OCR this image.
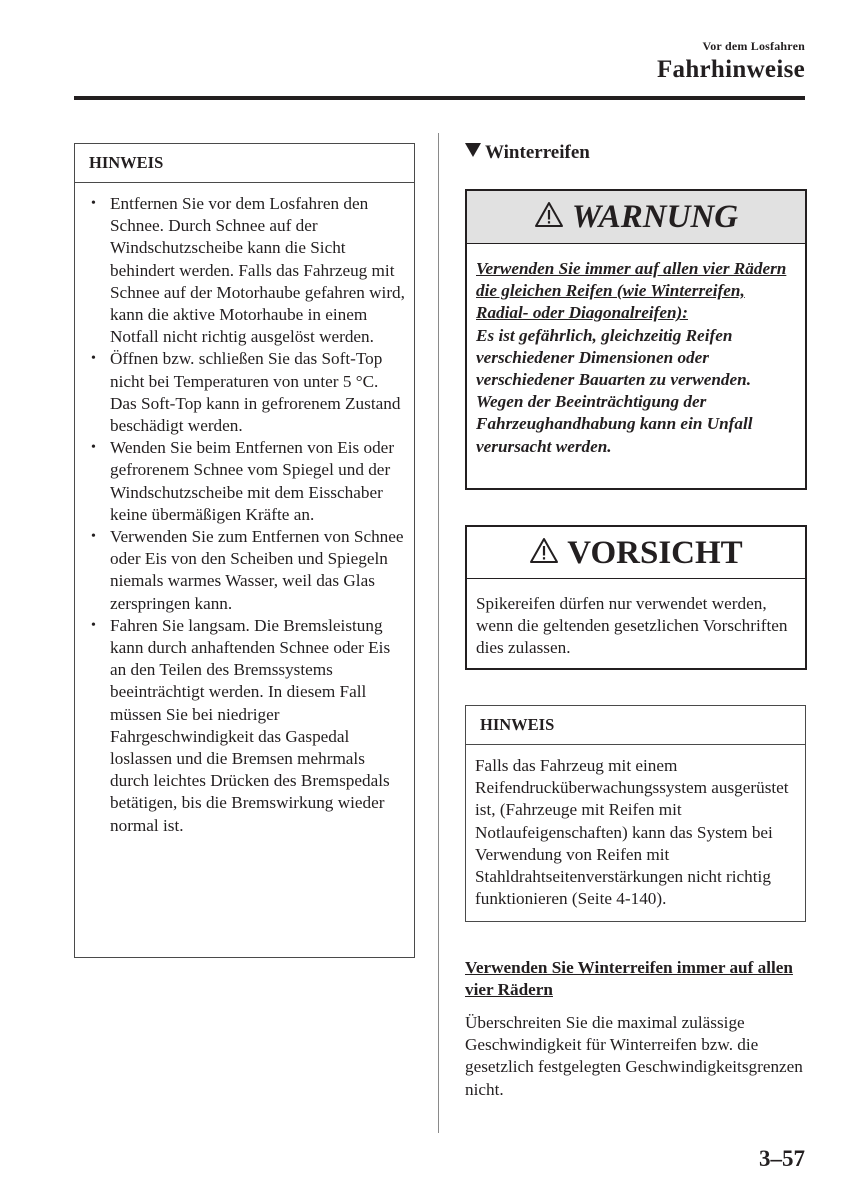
Vor dem Losfahren
Fahrhinweise
HINWEIS
• Entfernen Sie vor dem Losfahren den Schnee. Durch Schnee auf der Windschutzscheibe kann die Sicht behindert werden. Falls das Fahrzeug mit Schnee auf der Motorhaube gefahren wird, kann die aktive Motorhaube in einem Notfall nicht richtig ausgelöst werden.
• Öffnen bzw. schließen Sie das Soft-Top nicht bei Temperaturen von unter 5 °C. Das Soft-Top kann in gefrorenem Zustand beschädigt werden.
• Wenden Sie beim Entfernen von Eis oder gefrorenem Schnee vom Spiegel und der Windschutzscheibe mit dem Eisschaber keine übermäßigen Kräfte an.
• Verwenden Sie zum Entfernen von Schnee oder Eis von den Scheiben und Spiegeln niemals warmes Wasser, weil das Glas zerspringen kann.
• Fahren Sie langsam. Die Bremsleistung kann durch anhaftenden Schnee oder Eis an den Teilen des Bremssystems beeinträchtigt werden. In diesem Fall müssen Sie bei niedriger Fahrgeschwindigkeit das Gaspedal loslassen und die Bremsen mehrmals durch leichtes Drücken des Bremspedals betätigen, bis die Bremswirkung wieder normal ist.
Winterreifen
WARNUNG
Verwenden Sie immer auf allen vier Rädern die gleichen Reifen (wie Winterreifen, Radial- oder Diagonalreifen):
Es ist gefährlich, gleichzeitig Reifen verschiedener Dimensionen oder verschiedener Bauarten zu verwenden. Wegen der Beeinträchtigung der Fahrzeughandhabung kann ein Unfall verursacht werden.
VORSICHT
Spikereifen dürfen nur verwendet werden, wenn die geltenden gesetzlichen Vorschriften dies zulassen.
HINWEIS
Falls das Fahrzeug mit einem Reifendrucküberwachungssystem ausgerüstet ist, (Fahrzeuge mit Reifen mit Notlaufeigenschaften) kann das System bei Verwendung von Reifen mit Stahldrahtseitenverstärkungen nicht richtig funktionieren (Seite 4-140).
Verwenden Sie Winterreifen immer auf allen vier Rädern
Überschreiten Sie die maximal zulässige Geschwindigkeit für Winterreifen bzw. die gesetzlich festgelegten Geschwindigkeitsgrenzen nicht.
3–57
